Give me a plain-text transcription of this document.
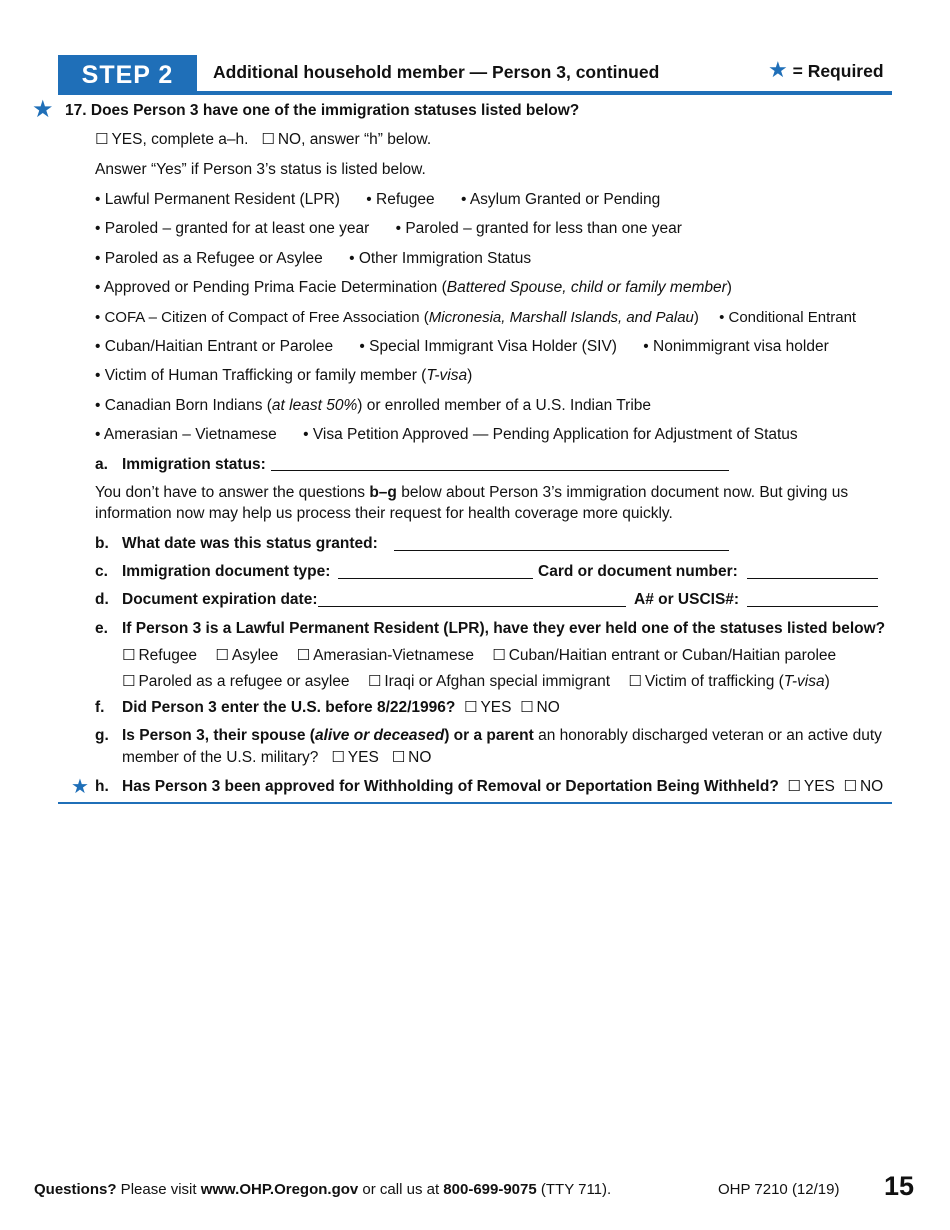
STEP 2	Additional household member — Person 3, continued	★ = Required
★ 17. Does Person 3 have one of the immigration statuses listed below?
☐ YES, complete a–h. ☐ NO, answer “h” below.
Answer “Yes” if Person 3’s status is listed below.
• Lawful Permanent Resident (LPR) • Refugee • Asylum Granted or Pending
• Paroled – granted for at least one year • Paroled – granted for less than one year
• Paroled as a Refugee or Asylee • Other Immigration Status
• Approved or Pending Prima Facie Determination (Battered Spouse, child or family member)
• COFA – Citizen of Compact of Free Association (Micronesia, Marshall Islands, and Palau) • Conditional Entrant
• Cuban/Haitian Entrant or Parolee • Special Immigrant Visa Holder (SIV) • Nonimmigrant visa holder
• Victim of Human Trafficking or family member (T-visa)
• Canadian Born Indians (at least 50%) or enrolled member of a U.S. Indian Tribe
• Amerasian – Vietnamese • Visa Petition Approved — Pending Application for Adjustment of Status
a. Immigration status:
You don’t have to answer the questions b–g below about Person 3’s immigration document now. But giving us
information now may help us process their request for health coverage more quickly.
b. What date was this status granted:
c. Immigration document type:	Card or document number:
d. Document expiration date:	A# or USCIS#:
e. If Person 3 is a Lawful Permanent Resident (LPR), have they ever held one of the statuses listed below?
☐ Refugee ☐ Asylee ☐ Amerasian-Vietnamese ☐ Cuban/Haitian entrant or Cuban/Haitian parolee
☐ Paroled as a refugee or asylee ☐ Iraqi or Afghan special immigrant ☐ Victim of trafficking (T-visa)
f. Did Person 3 enter the U.S. before 8/22/1996? ☐ YES ☐ NO
g. Is Person 3, their spouse (alive or deceased) or a parent an honorably discharged veteran or an active duty
member of the U.S. military? ☐ YES ☐ NO
★ h. Has Person 3 been approved for Withholding of Removal or Deportation Being Withheld? ☐ YES ☐ NO
Questions? Please visit www.OHP.Oregon.gov or call us at 800-699-9075 (TTY 711).	OHP 7210 (12/19) 15
